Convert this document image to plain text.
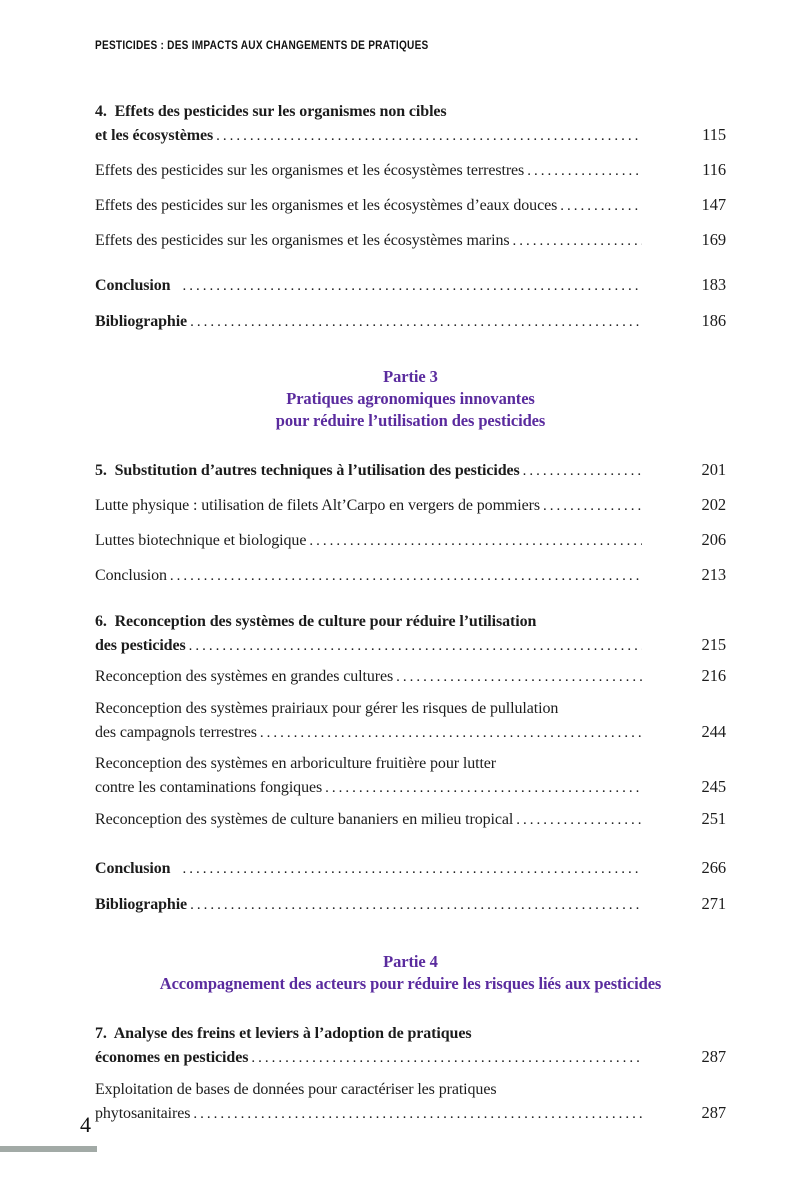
PESTICIDES : DES IMPACTS AUX CHANGEMENTS DE PRATIQUES
4.  Effets des pesticides sur les organismes non cibles
et les écosystèmes .....	115
Effets des pesticides sur les organismes et les écosystèmes terrestres .....	116
Effets des pesticides sur les organismes et les écosystèmes d’eaux douces .....	147
Effets des pesticides sur les organismes et les écosystèmes marins .....	169
Conclusion .....	183
Bibliographie .....	186
Partie 3
Pratiques agronomiques innovantes
pour réduire l’utilisation des pesticides
5.  Substitution d’autres techniques à l’utilisation des pesticides .....	201
Lutte physique : utilisation de filets Alt’Carpo en vergers de pommiers .....	202
Luttes biotechnique et biologique .....	206
Conclusion .....	213
6.  Reconception des systèmes de culture pour réduire l’utilisation
des pesticides .....	215
Reconception des systèmes en grandes cultures .....	216
Reconception des systèmes prairiaux pour gérer les risques de pullulation
des campagnols terrestres .....	244
Reconception des systèmes en arboriculture fruitière pour lutter
contre les contaminations fongiques .....	245
Reconception des systèmes de culture bananiers en milieu tropical .....	251
Conclusion .....	266
Bibliographie .....	271
Partie 4
Accompagnement des acteurs pour réduire les risques liés aux pesticides
7.  Analyse des freins et leviers à l’adoption de pratiques
économes en pesticides .....	287
Exploitation de bases de données pour caractériser les pratiques
phytosanitaires .....	287
4
